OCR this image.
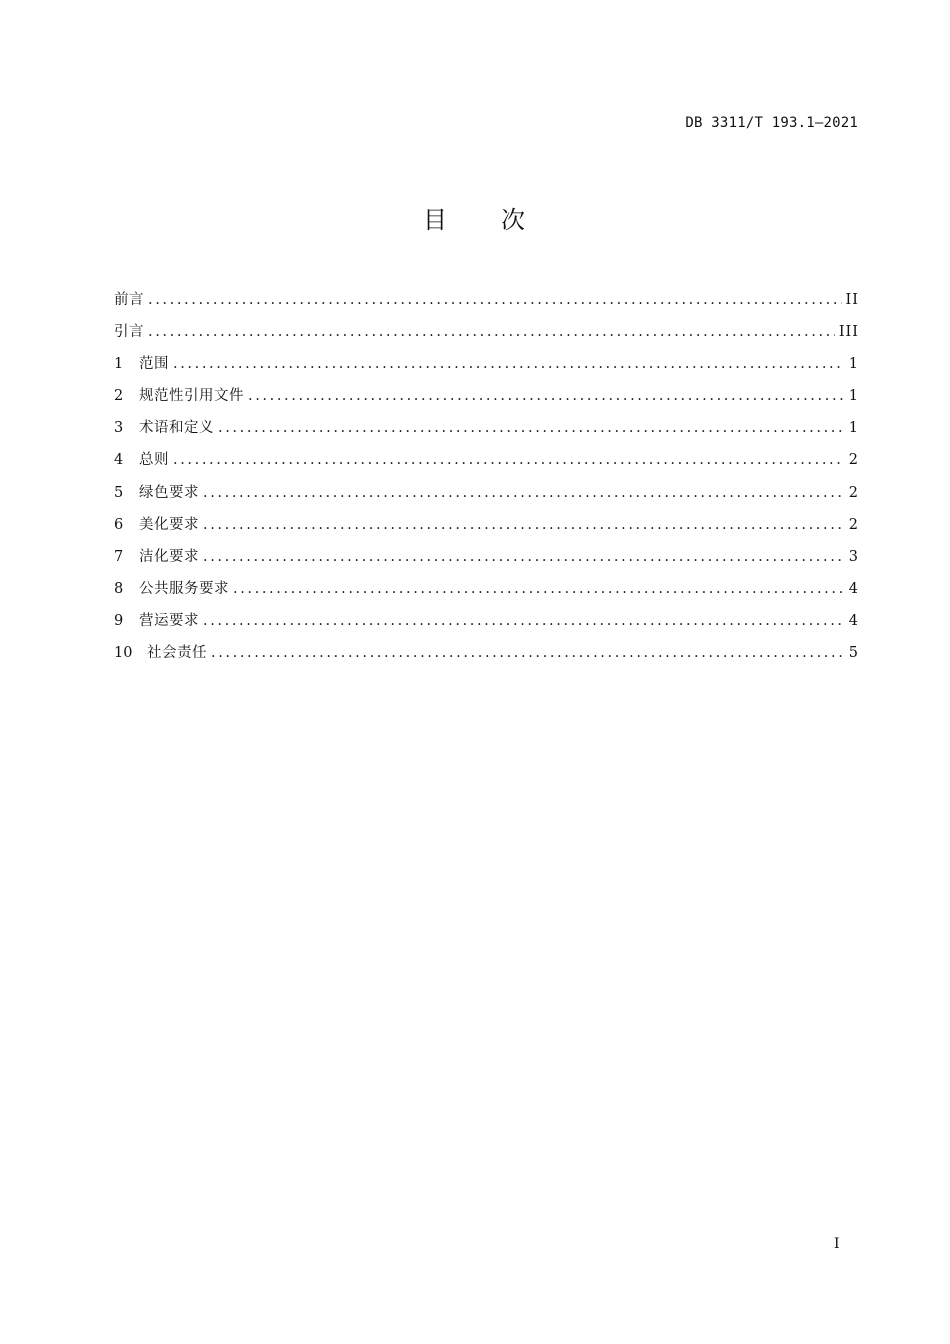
DB 3311/T 193.1—2021
目 次
前言 .....	II
引言 .....	III
1	范围 .....	1
2	规范性引用文件 .....	1
3	术语和定义 .....	1
4	总则 .....	2
5	绿色要求 .....	2
6	美化要求 .....	2
7	洁化要求 .....	3
8	公共服务要求 .....	4
9	营运要求 .....	4
10	社会责任 .....	5
I
